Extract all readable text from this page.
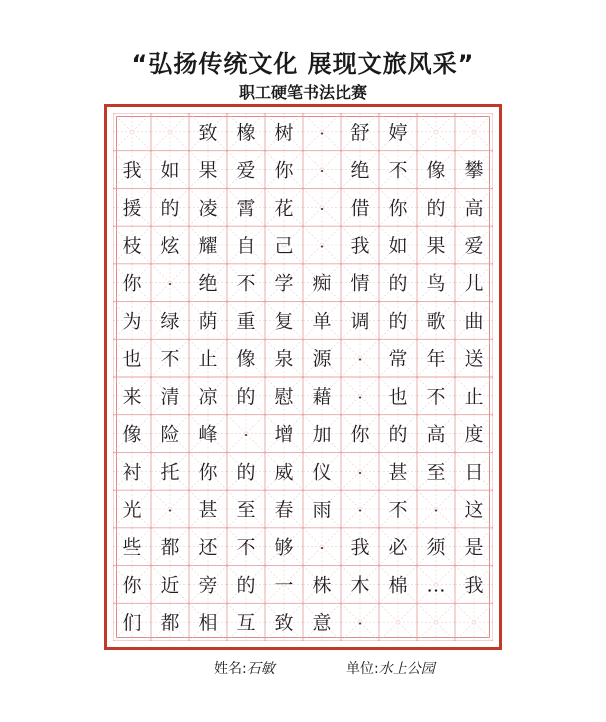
“弘扬传统文化 展现文旅风采”
职工硬笔书法比赛
致 橡 树 · 舒 婷
我 如 果 爱 你 · 绝 不 像 攀
援 的 凌 霄 花 · 借 你 的 高
枝 炫 耀 自 己 · 我 如 果 爱
你 · 绝 不 学 痴 情 的 鸟 儿
为 绿 荫 重 复 单 调 的 歌 曲
也 不 止 像 泉 源 · 常 年 送
来 清 凉 的 慰 藉 · 也 不 止
像 险 峰 · 增 加 你 的 高 度
衬 托 你 的 威 仪 · 甚 至 日
光 · 甚 至 春 雨 · 不 · 这
些 都 还 不 够 · 我 必 须 是
你 近 旁 的 一 株 木 棉 … 我
们 都 相 互 致 意 ·
姓名:石敏	单位:水上公园
